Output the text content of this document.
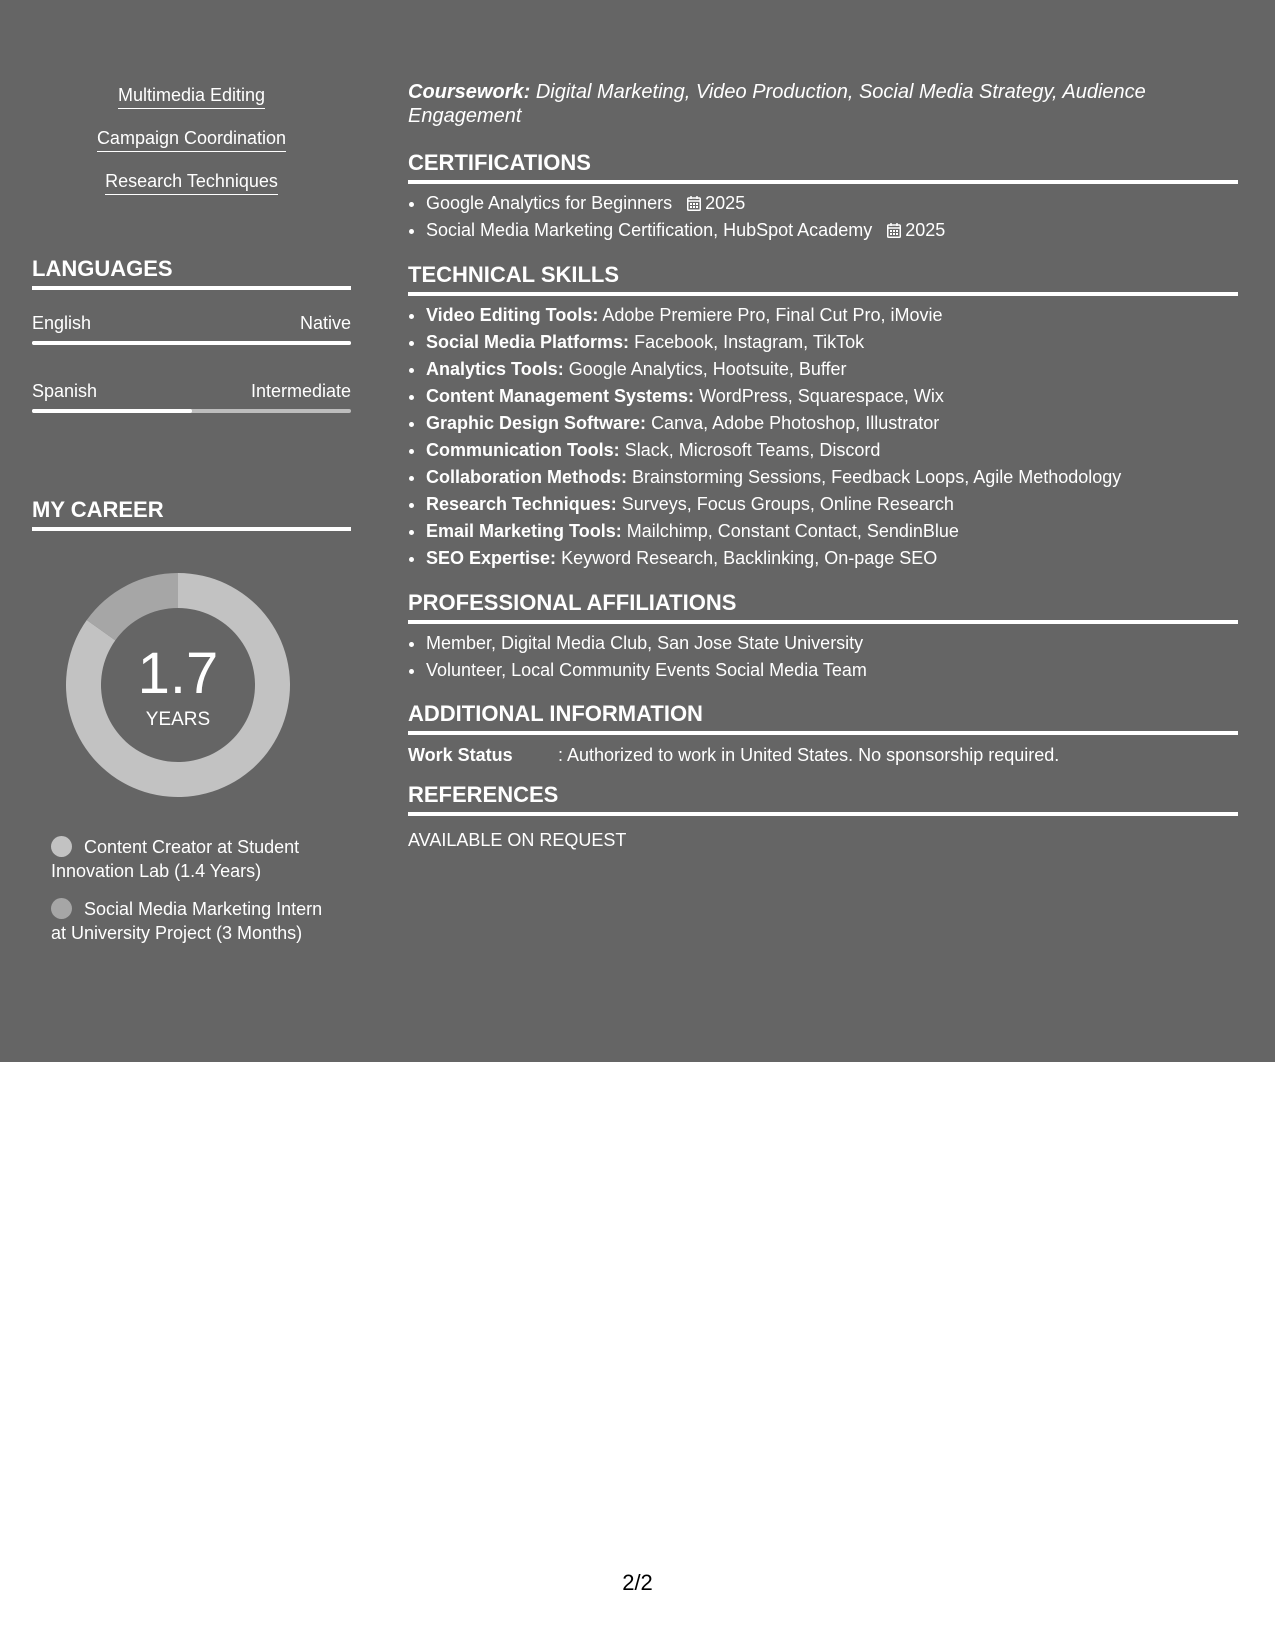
Multimedia Editing
Campaign Coordination
Research Techniques
LANGUAGES
English	Native
Spanish	Intermediate
MY CAREER
1.7
YEARS
Content Creator at Student Innovation Lab (1.4 Years)
Social Media Marketing Intern at University Project (3 Months)
Coursework: Digital Marketing, Video Production, Social Media Strategy, Audience Engagement
CERTIFICATIONS
• Google Analytics for Beginners 2025
• Social Media Marketing Certification, HubSpot Academy 2025
TECHNICAL SKILLS
• Video Editing Tools: Adobe Premiere Pro, Final Cut Pro, iMovie
• Social Media Platforms: Facebook, Instagram, TikTok
• Analytics Tools: Google Analytics, Hootsuite, Buffer
• Content Management Systems: WordPress, Squarespace, Wix
• Graphic Design Software: Canva, Adobe Photoshop, Illustrator
• Communication Tools: Slack, Microsoft Teams, Discord
• Collaboration Methods: Brainstorming Sessions, Feedback Loops, Agile Methodology
• Research Techniques: Surveys, Focus Groups, Online Research
• Email Marketing Tools: Mailchimp, Constant Contact, SendinBlue
• SEO Expertise: Keyword Research, Backlinking, On-page SEO
PROFESSIONAL AFFILIATIONS
• Member, Digital Media Club, San Jose State University
• Volunteer, Local Community Events Social Media Team
ADDITIONAL INFORMATION
Work Status	: Authorized to work in United States. No sponsorship required.
REFERENCES
AVAILABLE ON REQUEST
2/2
